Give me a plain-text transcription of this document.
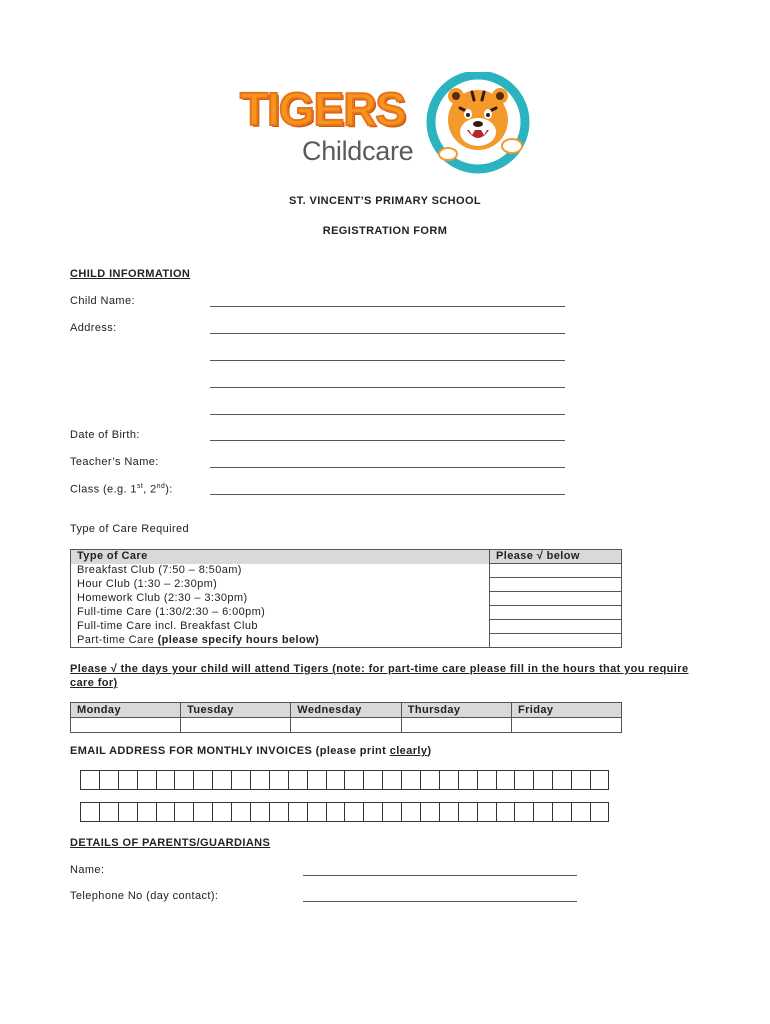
TIGERS
Childcare
ST. VINCENT’S PRIMARY SCHOOL
REGISTRATION FORM
CHILD INFORMATION
Child Name:
Address:
Date of Birth:
Teacher’s Name:
Class (e.g. 1st, 2nd):
Type of Care Required
Type of Care	Please √ below
Breakfast Club (7:50 – 8:50am)	
Hour Club (1:30 – 2:30pm)	
Homework Club (2:30 – 3:30pm)	
Full-time Care (1:30/2:30 – 6:00pm)	
Full-time Care incl. Breakfast Club	
Part-time Care (please specify hours below)	
Please √ the days your child will attend Tigers (note: for part-time care please fill in the hours that you require
care for)
Monday	Tuesday	Wednesday	Thursday	Friday

EMAIL ADDRESS FOR MONTHLY INVOICES (please print clearly)
DETAILS OF PARENTS/GUARDIANS
Name:
Telephone No (day contact):
